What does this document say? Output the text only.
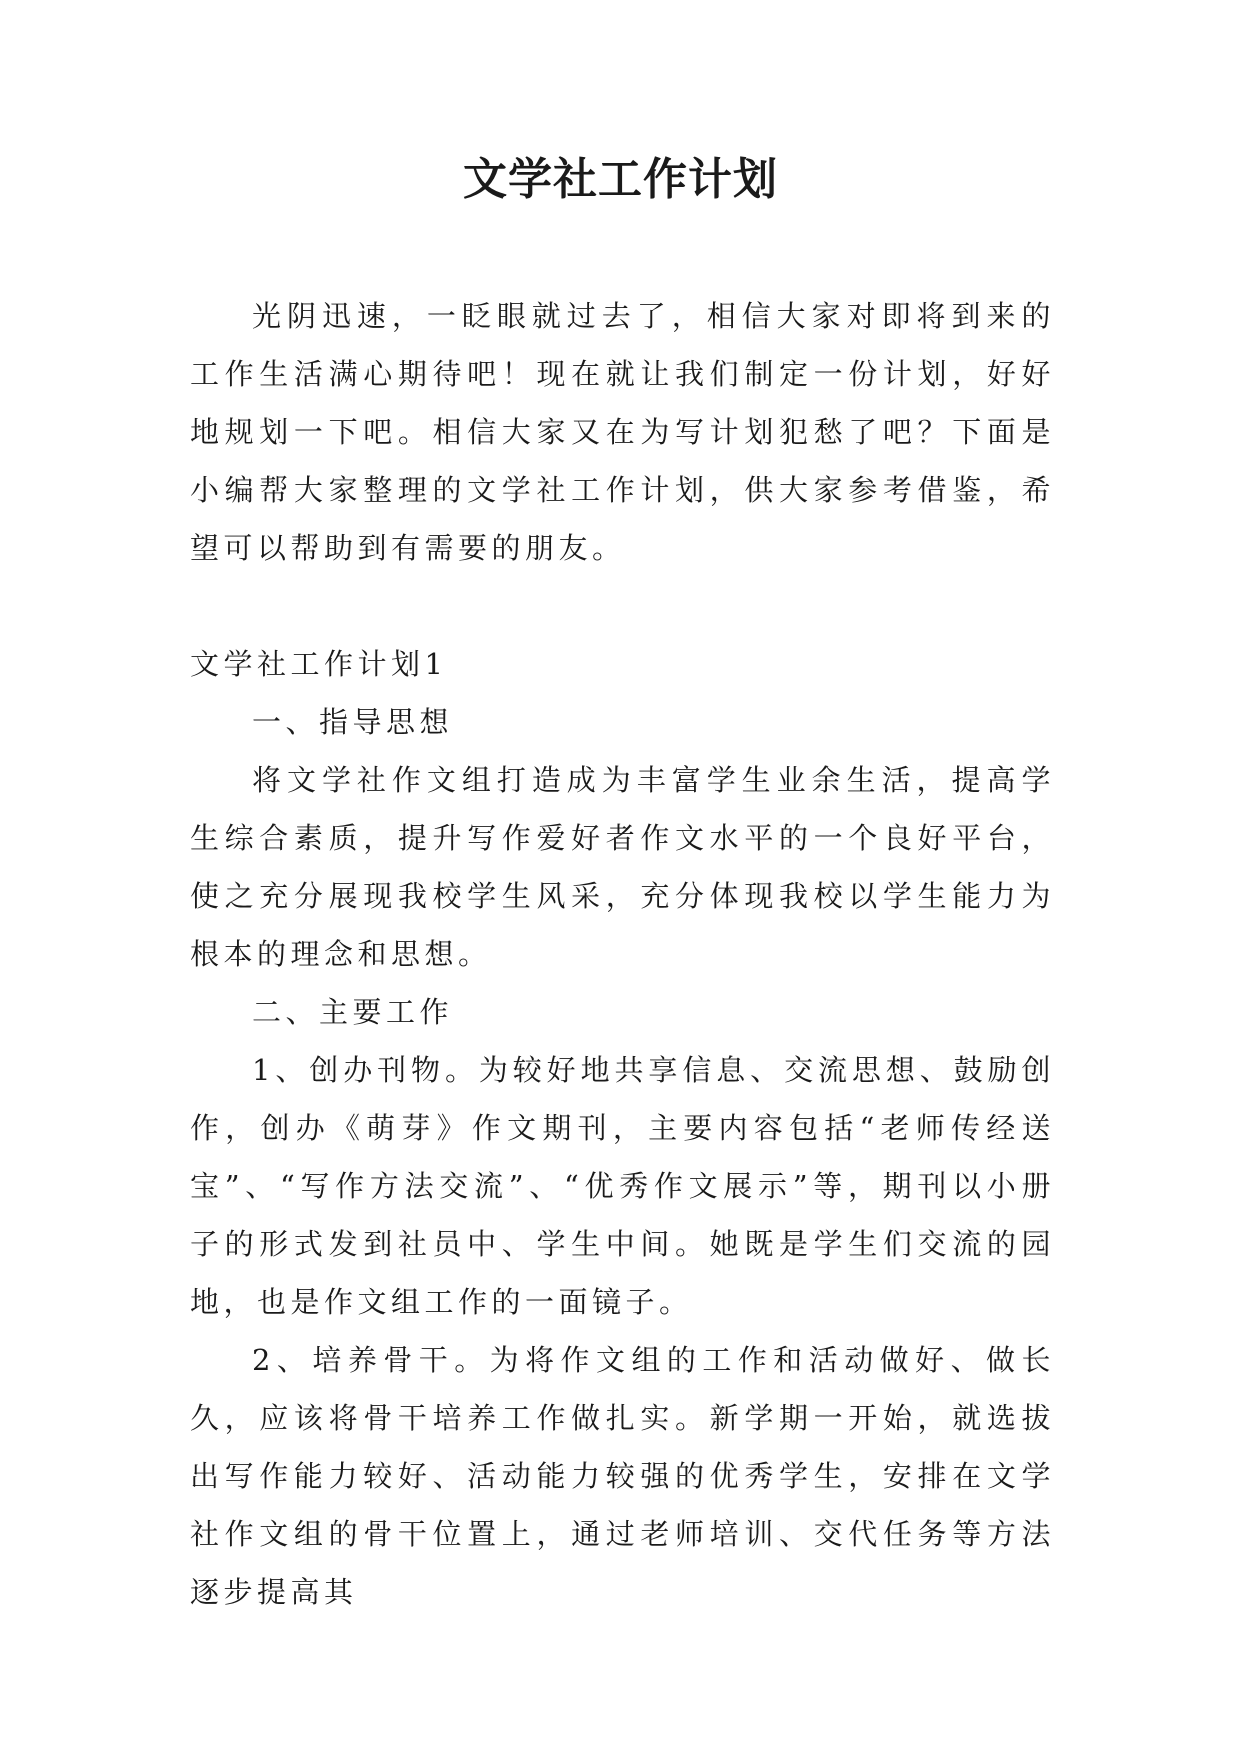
文学社工作计划

光阴迅速，一眨眼就过去了，相信大家对即将到来的工作生活满心期待吧！现在就让我们制定一份计划，好好地规划一下吧。相信大家又在为写计划犯愁了吧？下面是小编帮大家整理的文学社工作计划，供大家参考借鉴，希望可以帮助到有需要的朋友。

文学社工作计划1

一、指导思想

将文学社作文组打造成为丰富学生业余生活，提高学生综合素质，提升写作爱好者作文水平的一个良好平台，使之充分展现我校学生风采，充分体现我校以学生能力为根本的理念和思想。

二、主要工作

1、创办刊物。为较好地共享信息、交流思想、鼓励创作，创办《萌芽》作文期刊，主要内容包括“老师传经送宝”、“写作方法交流”、“优秀作文展示”等，期刊以小册子的形式发到社员中、学生中间。她既是学生们交流的园地，也是作文组工作的一面镜子。

2、培养骨干。为将作文组的工作和活动做好、做长久，应该将骨干培养工作做扎实。新学期一开始，就选拔出写作能力较好、活动能力较强的优秀学生，安排在文学社作文组的骨干位置上，通过老师培训、交代任务等方法逐步提高其
